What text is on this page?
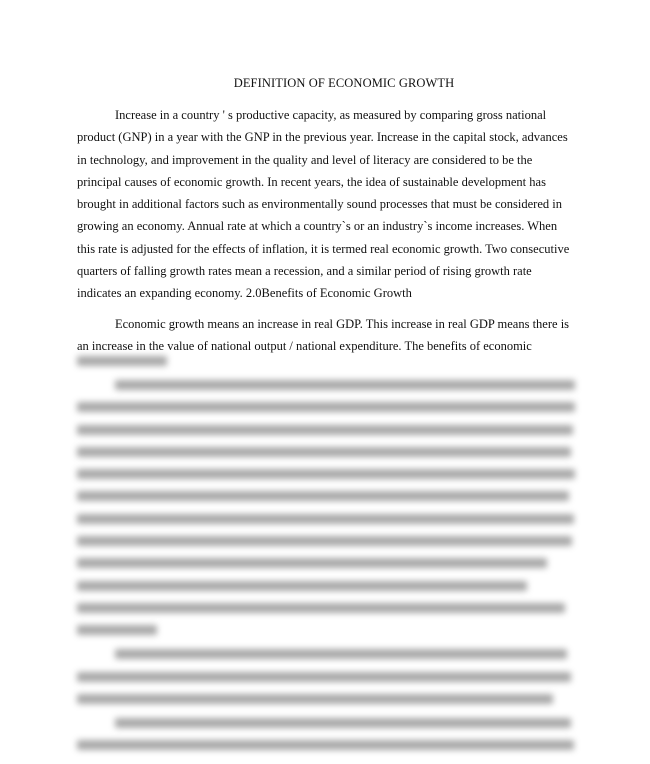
DEFINITION OF ECONOMIC GROWTH
Increase in a country ' s productive capacity, as measured by comparing gross national product (GNP) in a year with the GNP in the previous year. Increase in the capital stock, advances in technology, and improvement in the quality and level of literacy are considered to be the principal causes of economic growth. In recent years, the idea of sustainable development has brought in additional factors such as environmentally sound processes that must be considered in growing an economy. Annual rate at which a country`s or an industry`s income increases. When this rate is adjusted for the effects of inflation, it is termed real economic growth. Two consecutive quarters of falling growth rates mean a recession, and a similar period of rising growth rate indicates an expanding economy. 2.0Benefits of Economic Growth
Economic growth means an increase in real GDP. This increase in real GDP means there is an increase in the value of national output / national expenditure. The benefits of economic
